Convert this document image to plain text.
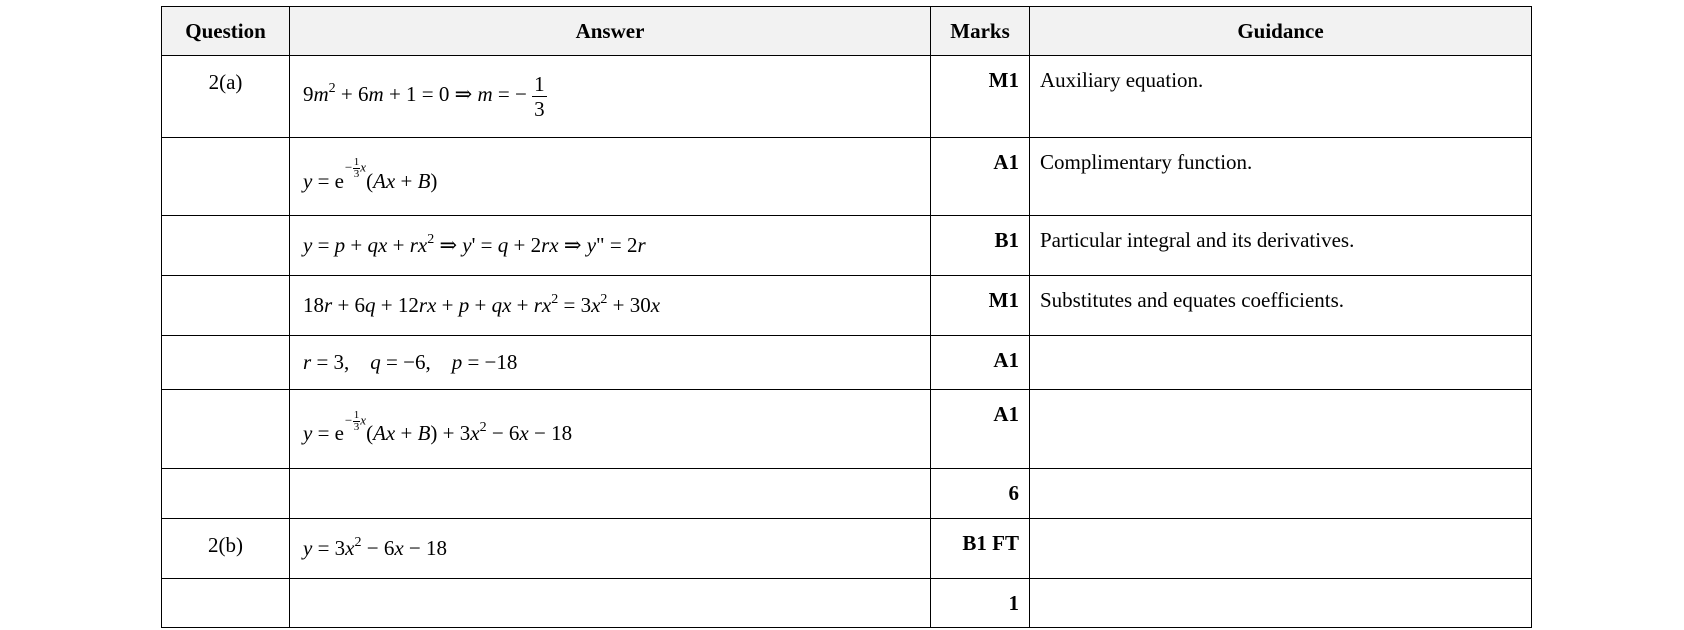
Question	Answer	Marks	Guidance
2(a)	$9m^2 + 6m + 1 = 0$ ⇒ m = − $\frac{1}{3}$	M1	Auxiliary equation.
	$y = e- \frac{1}{3} x(Ax + B)$	A1	Complimentary function.
	y = p + qx + $rx^2$ ⇒ y' = q + 2rx ⇒ y" = 2r	B1	Particular integral and its derivatives.
	18r + 6q + 12rx + p + qx + $rx^2 = 3x^2 + 30x$	M1	Substitutes and equates coefficients.
	r = 3,    q = −6,    p = −18	A1	
	$y = e- \frac{1}{3} x(Ax + B) + 3x^2 - 6x - 18$	A1	
		6	
2(b)	$y = 3x^2 - 6x - 18$	B1 FT	
		1	
